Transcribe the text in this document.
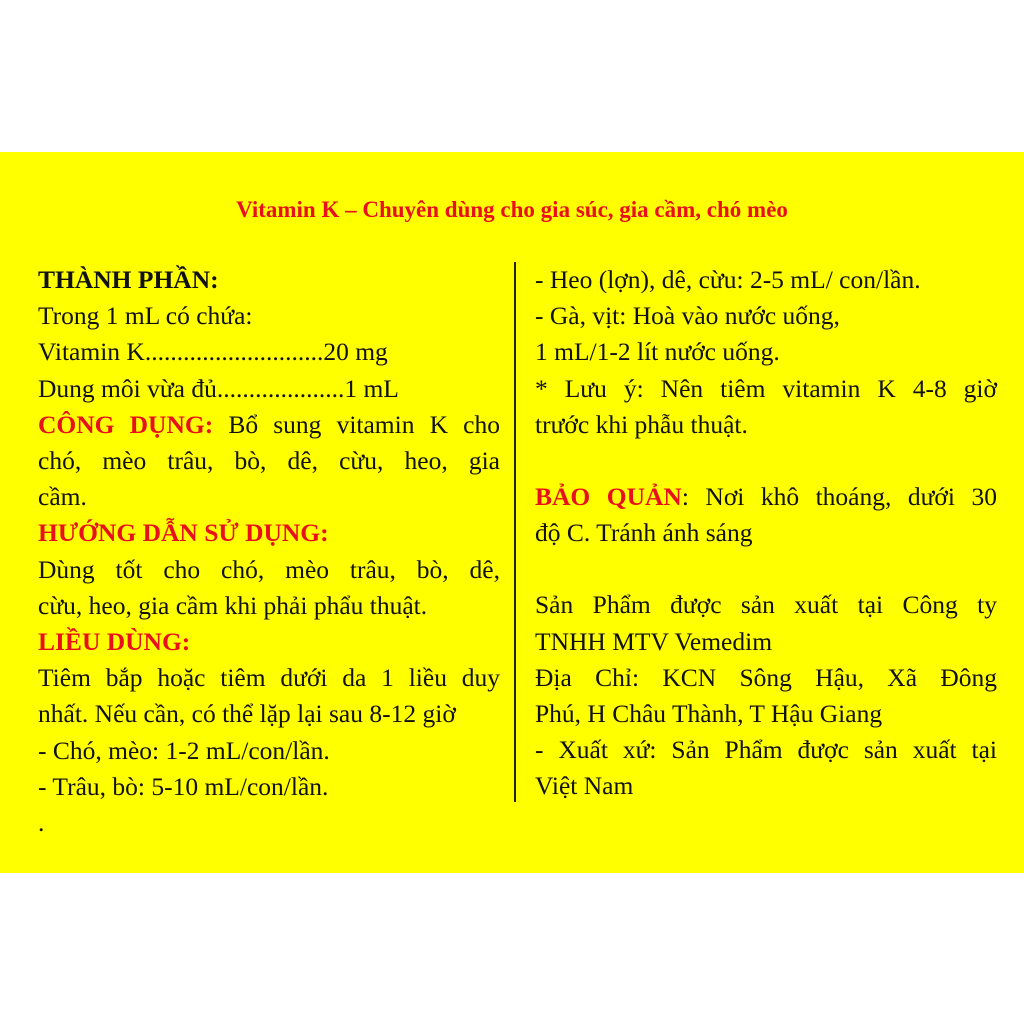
Vitamin K – Chuyên dùng cho gia súc, gia cầm, chó mèo
THÀNH PHẦN:
Trong 1 mL có chứa:
Vitamin K............................20 mg
Dung môi vừa đủ....................1 mL
CÔNG DỤNG: Bổ sung vitamin K cho
chó, mèo trâu, bò, dê, cừu, heo, gia
cầm.
HƯỚNG DẪN SỬ DỤNG:
Dùng tốt cho chó, mèo trâu, bò, dê,
cừu, heo, gia cầm khi phải phẩu thuật.
LIỀU DÙNG:
Tiêm bắp hoặc tiêm dưới da 1 liều duy
nhất. Nếu cần, có thể lặp lại sau 8-12 giờ
- Chó, mèo: 1-2 mL/con/lần.
- Trâu, bò: 5-10 mL/con/lần.
.
- Heo (lợn), dê, cừu: 2-5 mL/ con/lần.
- Gà, vịt: Hoà vào nước uống,
1 mL/1-2 lít nước uống.
* Lưu ý: Nên tiêm vitamin K 4-8 giờ
trước khi phẫu thuật.
BẢO QUẢN: Nơi khô thoáng, dưới 30
độ C. Tránh ánh sáng
Sản Phẩm được sản xuất tại Công ty
TNHH MTV Vemedim
Địa Chỉ: KCN Sông Hậu, Xã Đông
Phú, H Châu Thành, T Hậu Giang
- Xuất xứ: Sản Phẩm được sản xuất tại
Việt Nam
